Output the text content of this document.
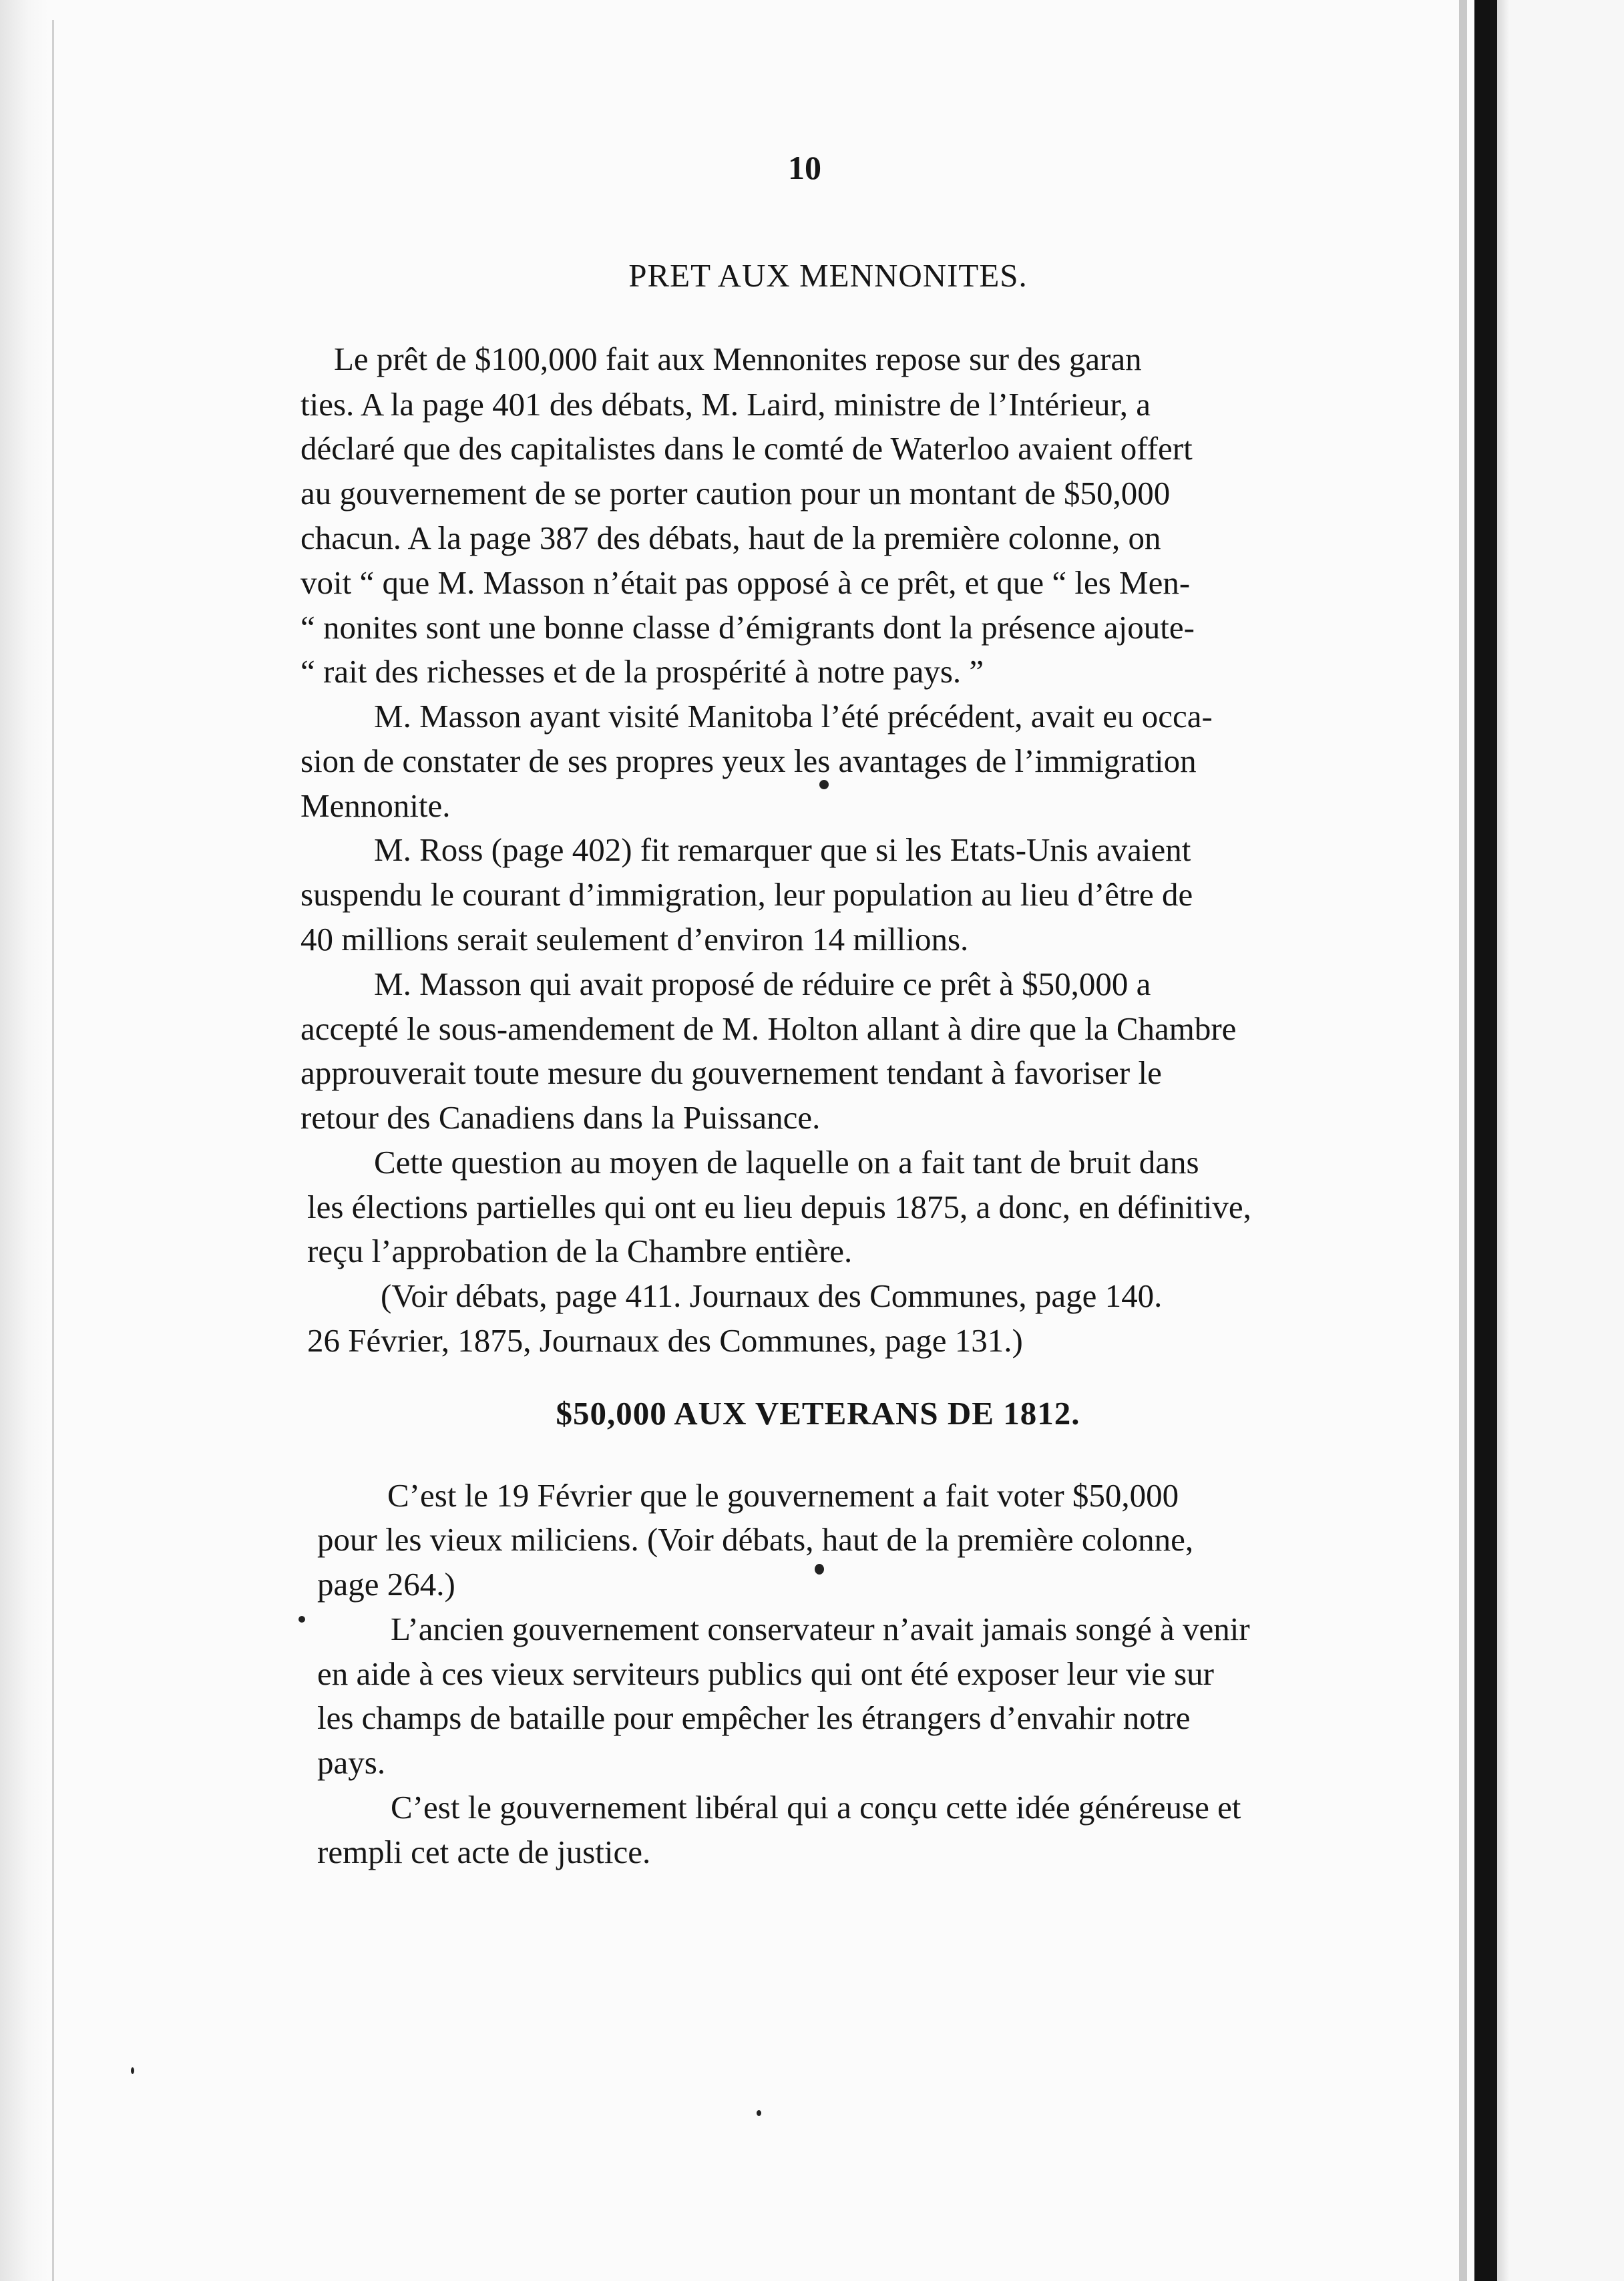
10
PRET AUX MENNONITES.
Le prêt de $100,000 fait aux Mennonites repose sur des garan
ties. A la page 401 des débats, M. Laird, ministre de l’Intérieur, a
déclaré que des capitalistes dans le comté de Waterloo avaient offert
au gouvernement de se porter caution pour un montant de $50,000
chacun. A la page 387 des débats, haut de la première colonne, on
voit “ que M. Masson n’était pas opposé à ce prêt, et que “ les Men-
“ nonites sont une bonne classe d’émigrants dont la présence ajoute-
“ rait des richesses et de la prospérité à notre pays. ”
M. Masson ayant visité Manitoba l’été précédent, avait eu occa-
sion de constater de ses propres yeux les avantages de l’immigration
Mennonite.
M. Ross (page 402) fit remarquer que si les Etats-Unis avaient
suspendu le courant d’immigration, leur population au lieu d’être de
40 millions serait seulement d’environ 14 millions.
M. Masson qui avait proposé de réduire ce prêt à $50,000 a
accepté le sous-amendement de M. Holton allant à dire que la Chambre
approuverait toute mesure du gouvernement tendant à favoriser le
retour des Canadiens dans la Puissance.
Cette question au moyen de laquelle on a fait tant de bruit dans
les élections partielles qui ont eu lieu depuis 1875, a donc, en définitive,
reçu l’approbation de la Chambre entière.
(Voir débats, page 411. Journaux des Communes, page 140.
26 Février, 1875, Journaux des Communes, page 131.)
$50,000 AUX VETERANS DE 1812.
C’est le 19 Février que le gouvernement a fait voter $50,000
pour les vieux miliciens. (Voir débats, haut de la première colonne,
page 264.)
L’ancien gouvernement conservateur n’avait jamais songé à venir
en aide à ces vieux serviteurs publics qui ont été exposer leur vie sur
les champs de bataille pour empêcher les étrangers d’envahir notre
pays.
C’est le gouvernement libéral qui a conçu cette idée généreuse et
rempli cet acte de justice.
